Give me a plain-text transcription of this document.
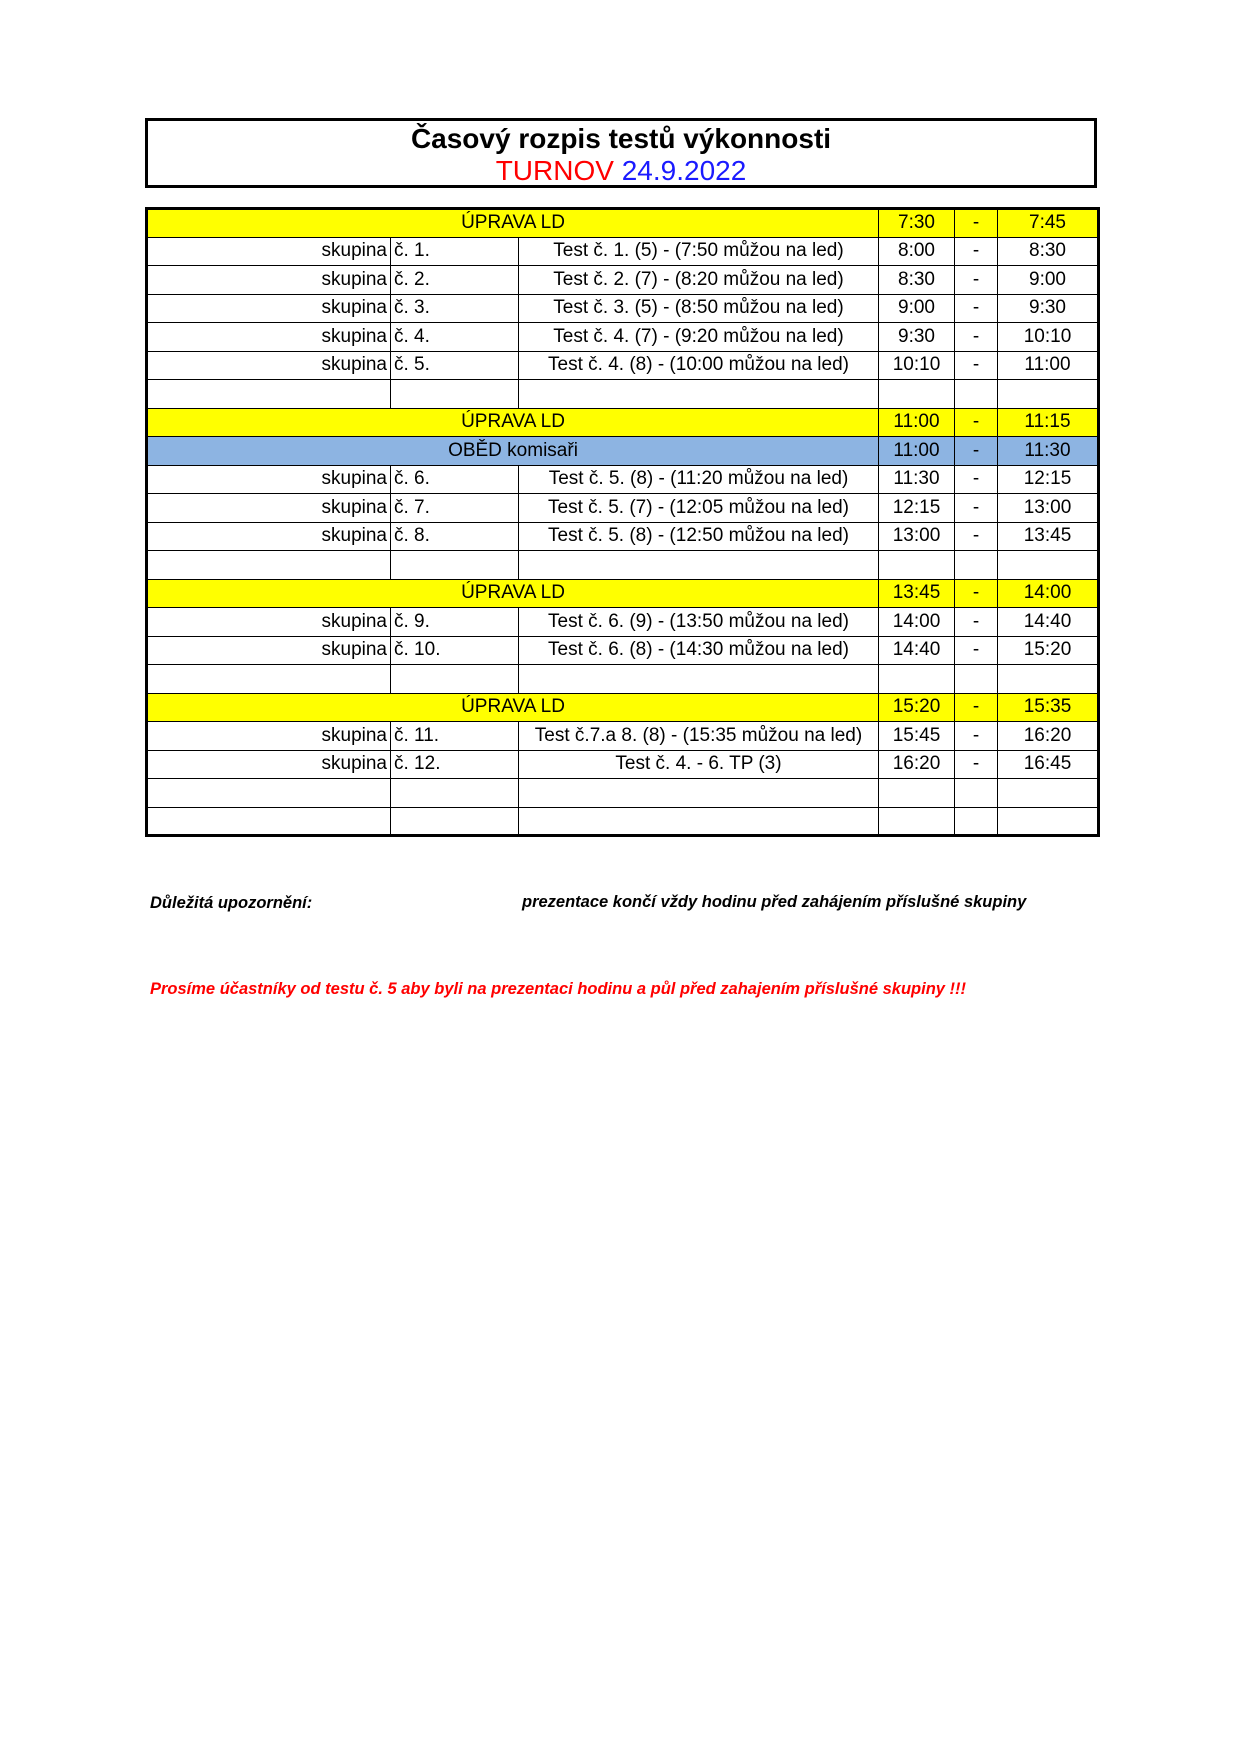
Časový rozpis testů výkonnosti
TURNOV 24.9.2022
ÚPRAVA LD			7:30	-	7:45
skupina	č. 1.	Test č. 1. (5) - (7:50 můžou na led)	8:00	-	8:30
skupina	č. 2.	Test č. 2. (7) - (8:20 můžou na led)	8:30	-	9:00
skupina	č. 3.	Test č. 3. (5) - (8:50 můžou na led)	9:00	-	9:30
skupina	č. 4.	Test č. 4. (7) - (9:20 můžou na led)	9:30	-	10:10
skupina	č. 5.	Test č. 4. (8) - (10:00 můžou na led)	10:10	-	11:00

ÚPRAVA LD			11:00	-	11:15
OBĚD komisaři			11:00	-	11:30
skupina	č. 6.	Test č. 5. (8) - (11:20 můžou na led)	11:30	-	12:15
skupina	č. 7.	Test č. 5. (7) - (12:05 můžou na led)	12:15	-	13:00
skupina	č. 8.	Test č. 5. (8) - (12:50 můžou na led)	13:00	-	13:45

ÚPRAVA LD			13:45	-	14:00
skupina	č. 9.	Test č. 6. (9) - (13:50 můžou na led)	14:00	-	14:40
skupina	č. 10.	Test č. 6. (8) - (14:30 můžou na led)	14:40	-	15:20

ÚPRAVA LD			15:20	-	15:35
skupina	č. 11.	Test č.7.a 8. (8) - (15:35 můžou na led)	15:45	-	16:20
skupina	č. 12.	Test č. 4. - 6. TP (3)	16:20	-	16:45

Důležitá upozornění:	prezentace končí vždy hodinu před zahájením příslušné skupiny
Prosíme účastníky od testu č. 5 aby byli na prezentaci hodinu a půl před zahajením příslušné skupiny !!!
